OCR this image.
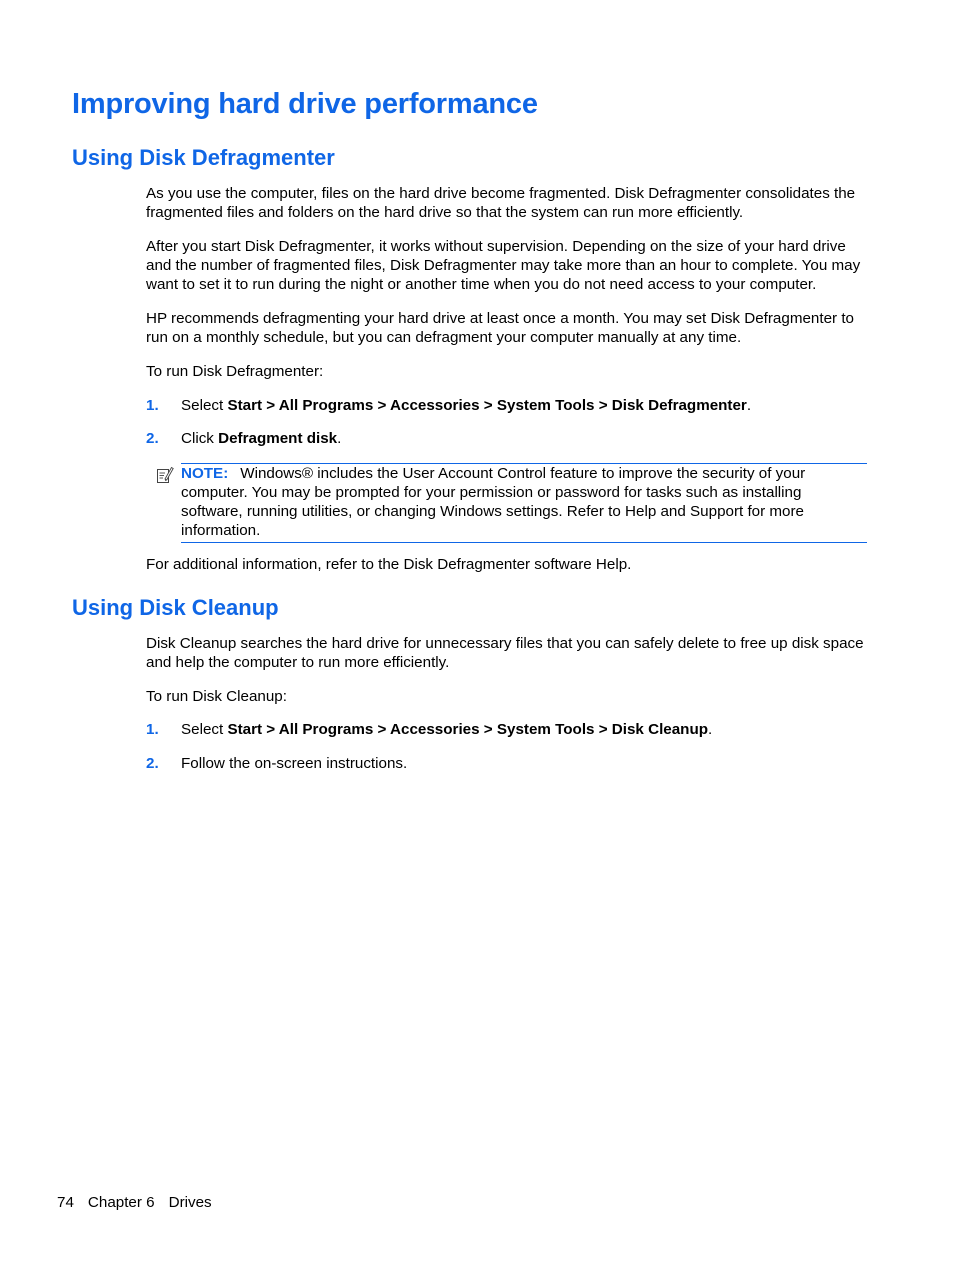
Improving hard drive performance
Using Disk Defragmenter

As you use the computer, files on the hard drive become fragmented. Disk Defragmenter consolidates the fragmented files and folders on the hard drive so that the system can run more efficiently.

After you start Disk Defragmenter, it works without supervision. Depending on the size of your hard drive and the number of fragmented files, Disk Defragmenter may take more than an hour to complete. You may want to set it to run during the night or another time when you do not need access to your computer.

HP recommends defragmenting your hard drive at least once a month. You may set Disk Defragmenter to run on a monthly schedule, but you can defragment your computer manually at any time.

To run Disk Defragmenter:

1. Select Start > All Programs > Accessories > System Tools > Disk Defragmenter.
2. Click Defragment disk.

NOTE: Windows® includes the User Account Control feature to improve the security of your computer. You may be prompted for your permission or password for tasks such as installing software, running utilities, or changing Windows settings. Refer to Help and Support for more information.

For additional information, refer to the Disk Defragmenter software Help.

Using Disk Cleanup

Disk Cleanup searches the hard drive for unnecessary files that you can safely delete to free up disk space and help the computer to run more efficiently.

To run Disk Cleanup:

1. Select Start > All Programs > Accessories > System Tools > Disk Cleanup.
2. Follow the on-screen instructions.
74 Chapter 6 Drives
